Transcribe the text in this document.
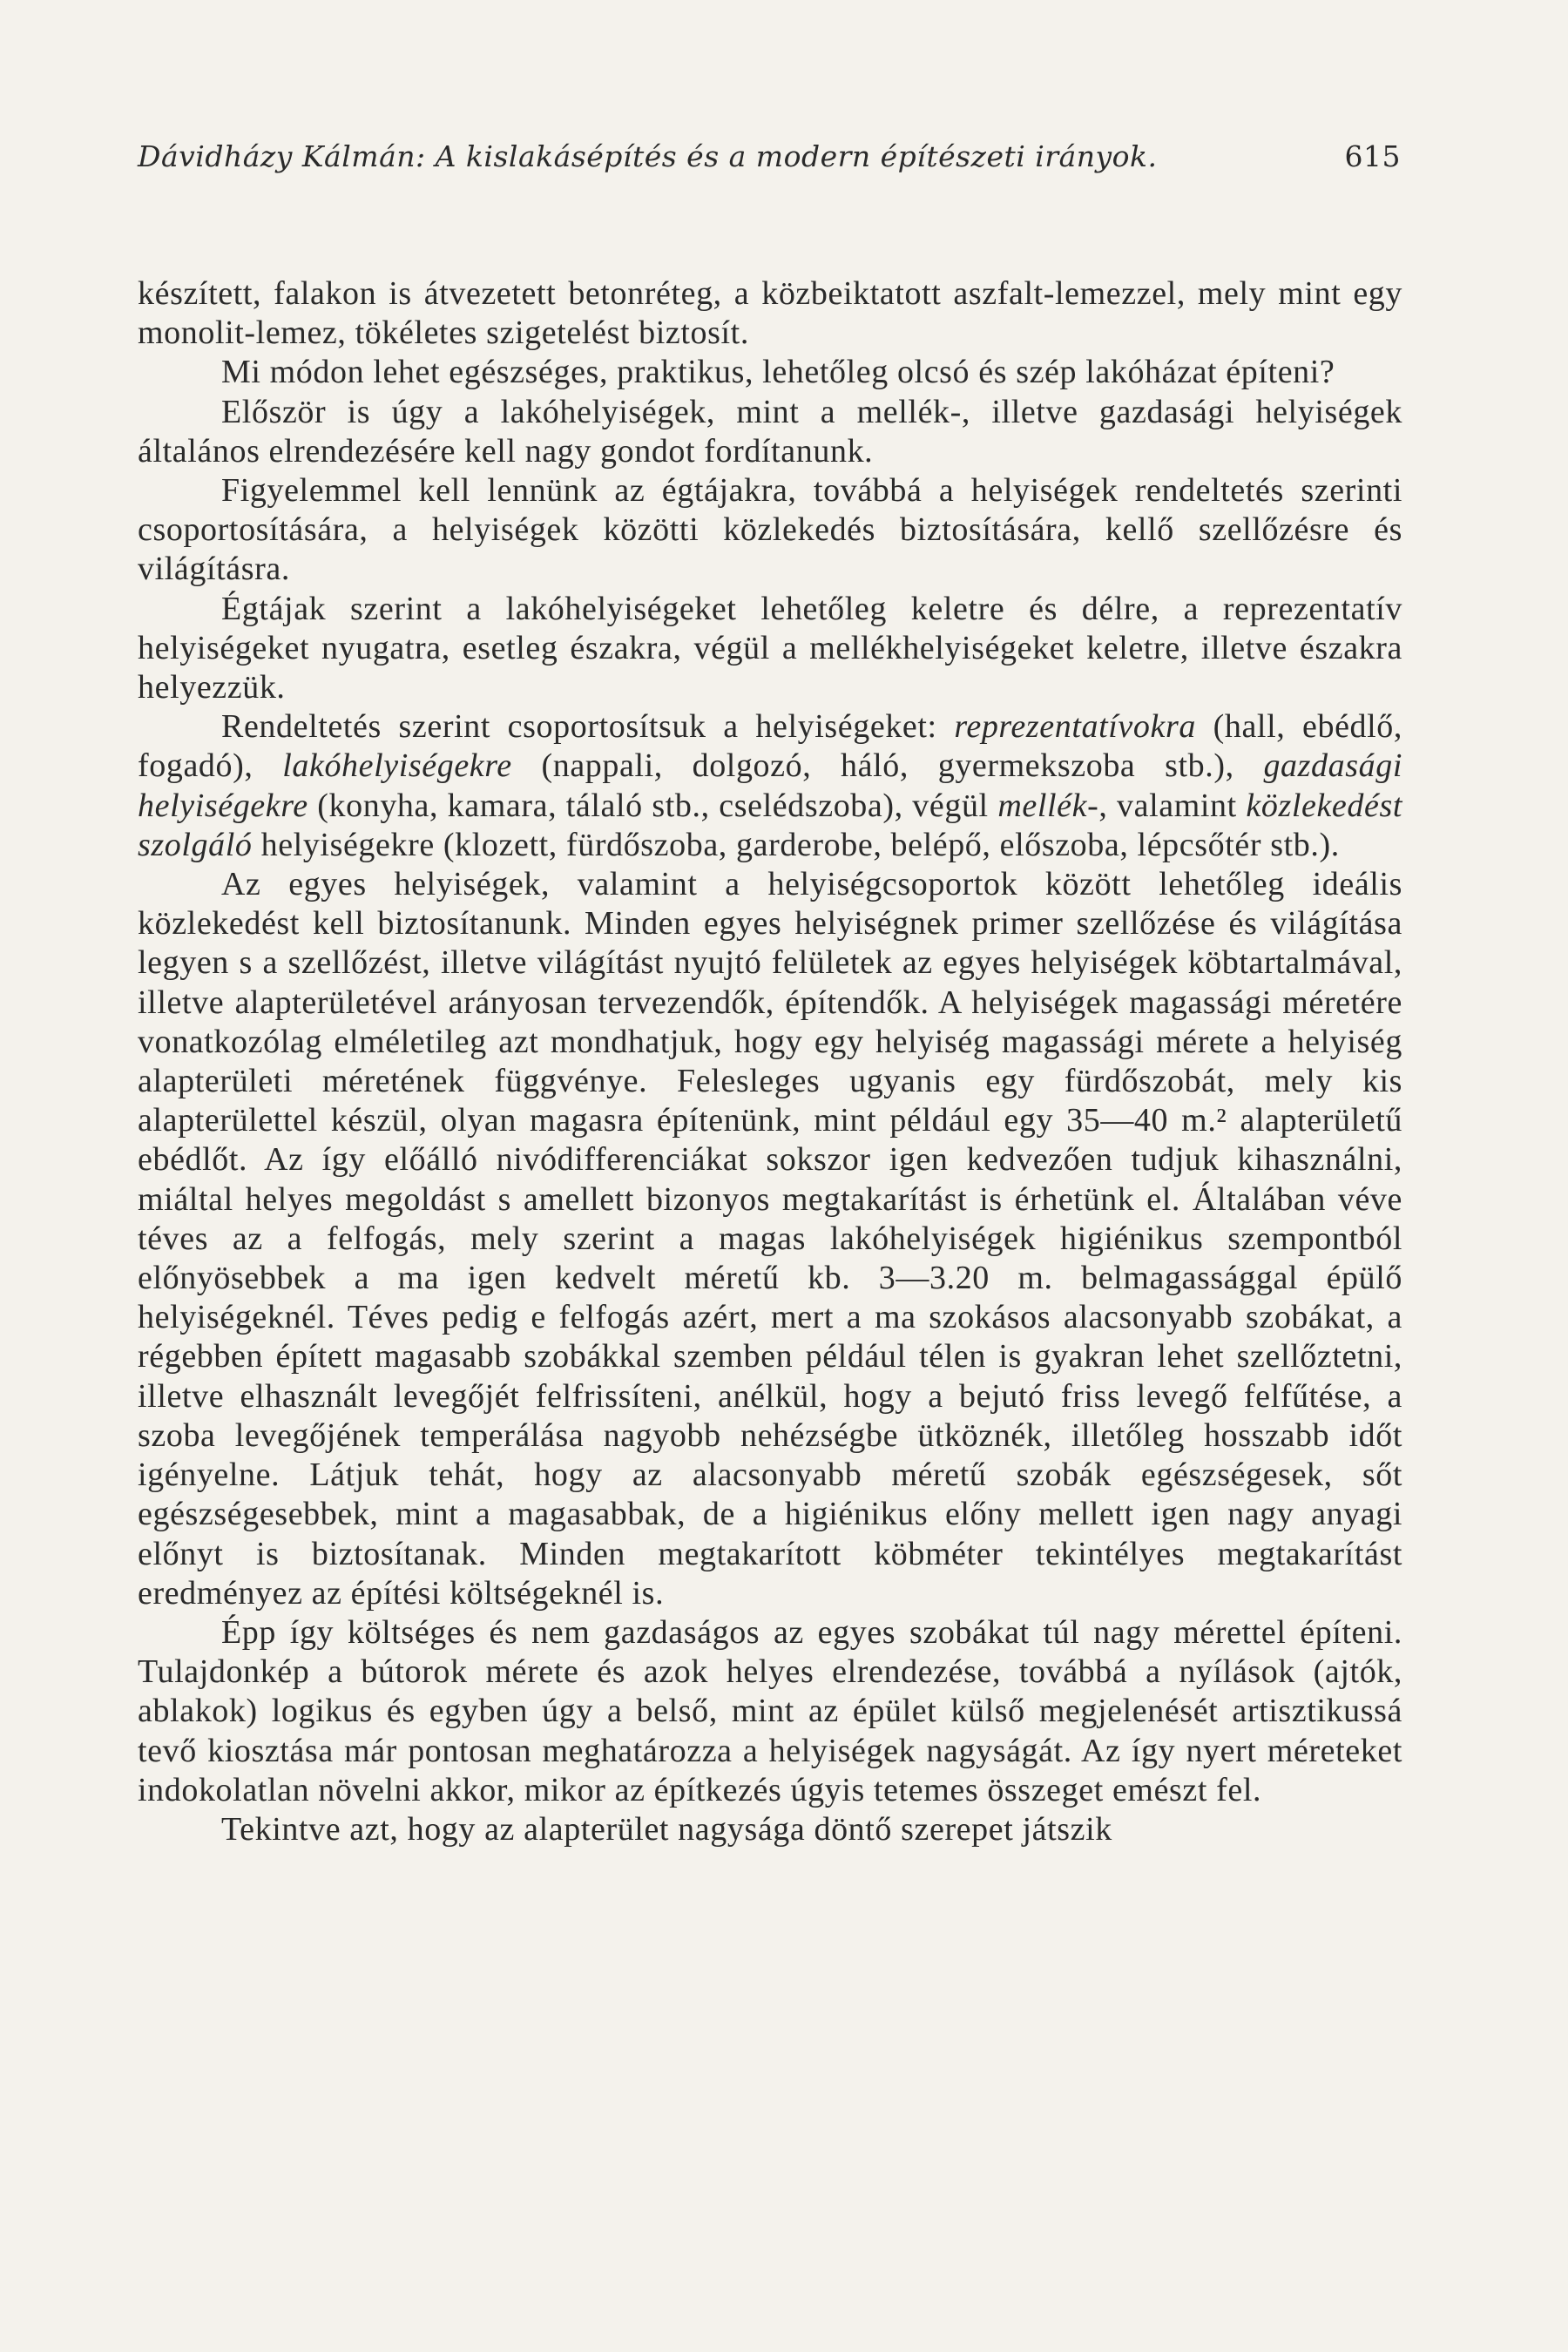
Dávidházy Kálmán: A kislakásépítés és a modern építészeti irányok.	615

készített, falakon is átvezetett betonréteg, a közbeiktatott aszfalt-lemezzel, mely mint egy monolit-lemez, tökéletes szigetelést biztosít.

Mi módon lehet egészséges, praktikus, lehetőleg olcsó és szép lakóházat építeni?

Először is úgy a lakóhelyiségek, mint a mellék-, illetve gazdasági helyiségek általános elrendezésére kell nagy gondot fordítanunk.

Figyelemmel kell lennünk az égtájakra, továbbá a helyiségek rendeltetés szerinti csoportosítására, a helyiségek közötti közlekedés biztosítására, kellő szellőzésre és világításra.

Égtájak szerint a lakóhelyiségeket lehetőleg keletre és délre, a reprezentatív helyiségeket nyugatra, esetleg északra, végül a mellékhelyiségeket keletre, illetve északra helyezzük.

Rendeltetés szerint csoportosítsuk a helyiségeket: reprezentatívokra (hall, ebédlő, fogadó), lakóhelyiségekre (nappali, dolgozó, háló, gyermekszoba stb.), gazdasági helyiségekre (konyha, kamara, tálaló stb., cselédszoba), végül mellék-, valamint közlekedést szolgáló helyiségekre (klozett, fürdőszoba, garderobe, belépő, előszoba, lépcsőtér stb.).

Az egyes helyiségek, valamint a helyiségcsoportok között lehetőleg ideális közlekedést kell biztosítanunk. Minden egyes helyiségnek primer szellőzése és világítása legyen s a szellőzést, illetve világítást nyujtó felületek az egyes helyiségek köbtartalmával, illetve alapterületével arányosan tervezendők, építendők. A helyiségek magassági méretére vonatkozólag elméletileg azt mondhatjuk, hogy egy helyiség magassági mérete a helyiség alapterületi méretének függvénye. Felesleges ugyanis egy fürdőszobát, mely kis alapterülettel készül, olyan magasra építenünk, mint például egy 35—40 m.² alapterületű ebédlőt. Az így előálló nivódifferenciákat sokszor igen kedvezően tudjuk kihasználni, miáltal helyes megoldást s amellett bizonyos megtakarítást is érhetünk el. Általában véve téves az a felfogás, mely szerint a magas lakóhelyiségek higiénikus szempontból előnyösebbek a ma igen kedvelt méretű kb. 3—3.20 m. belmagassággal épülő helyiségeknél. Téves pedig e felfogás azért, mert a ma szokásos alacsonyabb szobákat, a régebben épített magasabb szobákkal szemben például télen is gyakran lehet szellőztetni, illetve elhasznált levegőjét felfrissíteni, anélkül, hogy a bejutó friss levegő felfűtése, a szoba levegőjének temperálása nagyobb nehézségbe ütköznék, illetőleg hosszabb időt igényelne. Látjuk tehát, hogy az alacsonyabb méretű szobák egészségesek, sőt egészségesebbek, mint a magasabbak, de a higiénikus előny mellett igen nagy anyagi előnyt is biztosítanak. Minden megtakarított köbméter tekintélyes megtakarítást eredményez az építési költségeknél is.

Épp így költséges és nem gazdaságos az egyes szobákat túl nagy mérettel építeni. Tulajdonkép a bútorok mérete és azok helyes elrendezése, továbbá a nyílások (ajtók, ablakok) logikus és egyben úgy a belső, mint az épület külső megjelenését artisztikussá tevő kiosztása már pontosan meghatározza a helyiségek nagyságát. Az így nyert méreteket indokolatlan növelni akkor, mikor az építkezés úgyis tetemes összeget emészt fel.

Tekintve azt, hogy az alapterület nagysága döntő szerepet játszik
